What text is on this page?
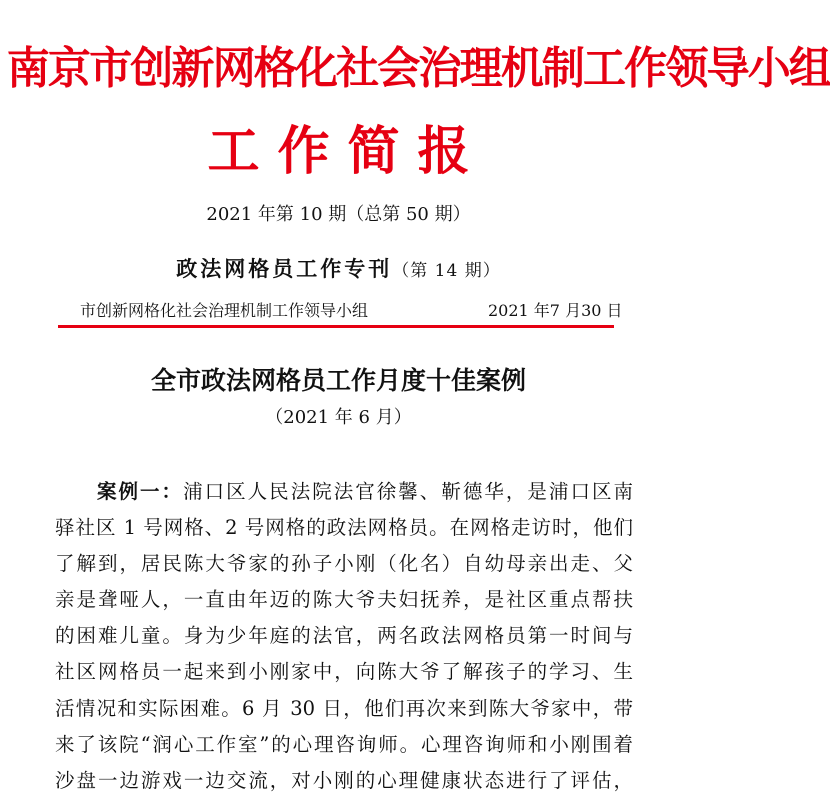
南京市创新网格化社会治理机制工作领导小组
工作简报
2021 年第 10 期（总第 50 期）
政法网格员工作专刊（第 14 期）
市创新网格化社会治理机制工作领导小组	2021 年7 月30 日
全市政法网格员工作月度十佳案例
（2021 年 6 月）
案例一：浦口区人民法院法官徐馨、靳德华，是浦口区南
驿社区 1 号网格、2 号网格的政法网格员。在网格走访时，他们
了解到，居民陈大爷家的孙子小刚（化名）自幼母亲出走、父
亲是聋哑人，一直由年迈的陈大爷夫妇抚养，是社区重点帮扶
的困难儿童。身为少年庭的法官，两名政法网格员第一时间与
社区网格员一起来到小刚家中，向陈大爷了解孩子的学习、生
活情况和实际困难。6 月 30 日，他们再次来到陈大爷家中，带
来了该院“润心工作室”的心理咨询师。心理咨询师和小刚围着
沙盘一边游戏一边交流，对小刚的心理健康状态进行了评估，
